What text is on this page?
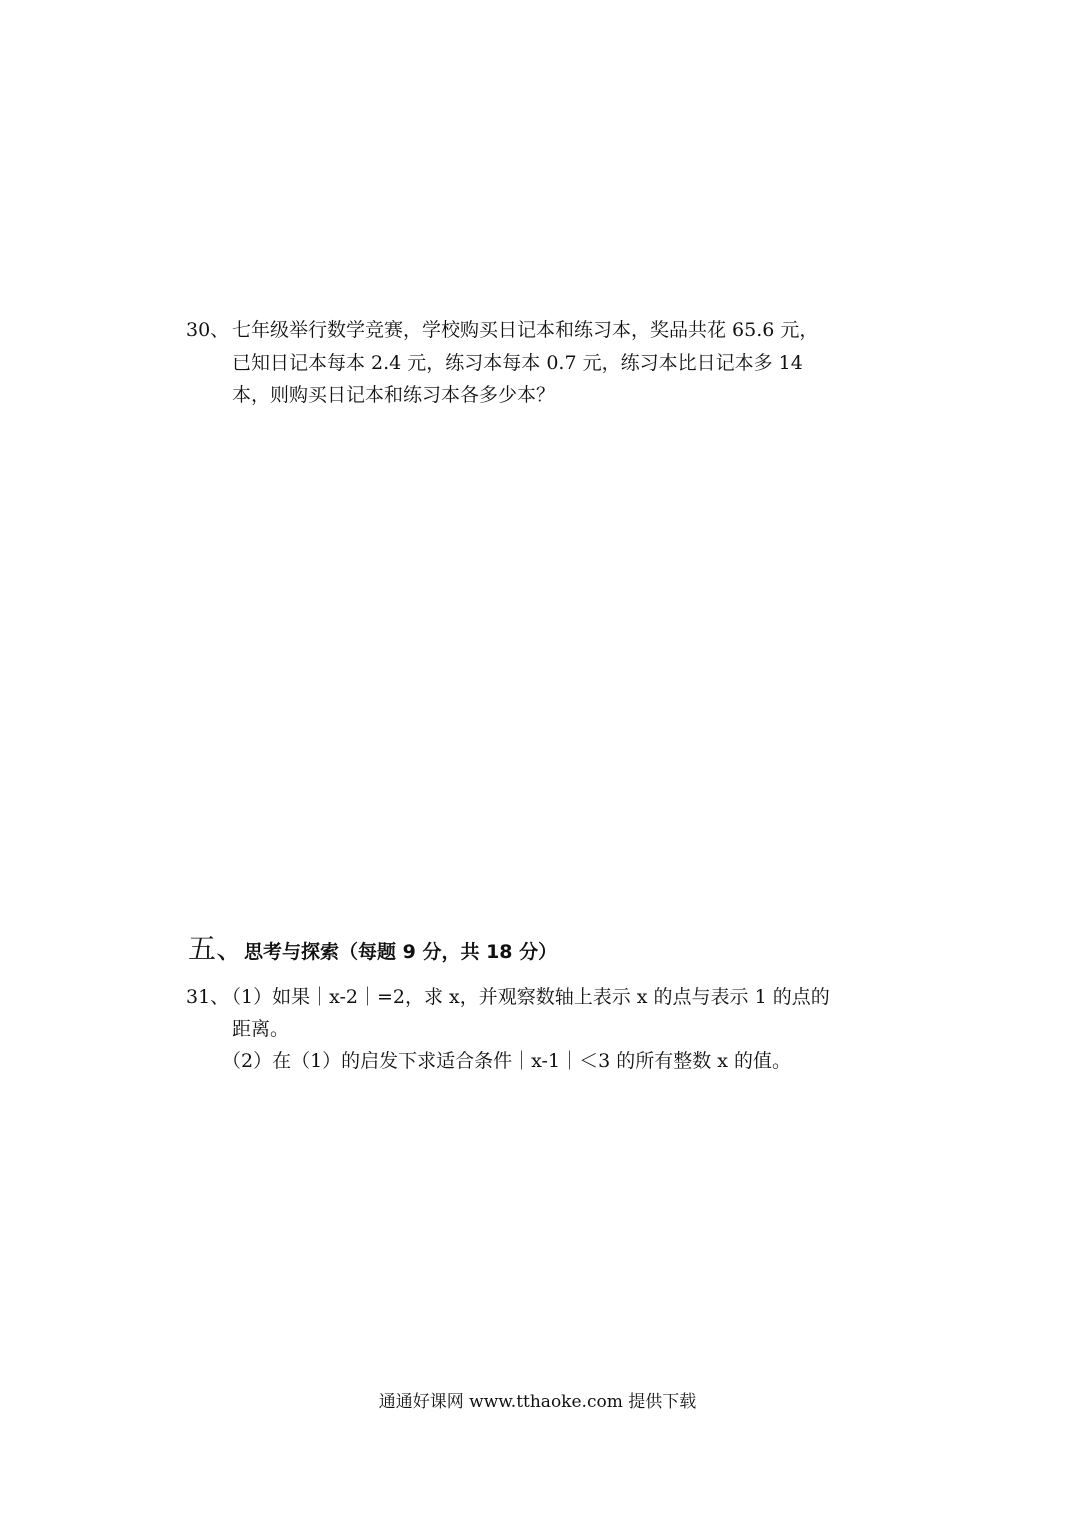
30、 七年级举行数学竞赛，学校购买日记本和练习本，奖品共花 65.6 元，
已知日记本每本 2.4 元，练习本每本 0.7 元，练习本比日记本多 14
本，则购买日记本和练习本各多少本？
五、思考与探索（每题 9 分，共 18 分）
31、
（1）如果｜x-2｜=2，求 x，并观察数轴上表示 x 的点与表示 1 的点的
距离。
（2）在（1）的启发下求适合条件｜x-1｜＜3 的所有整数 x 的值。
通通好课网 www.tthaoke.com 提供下载
